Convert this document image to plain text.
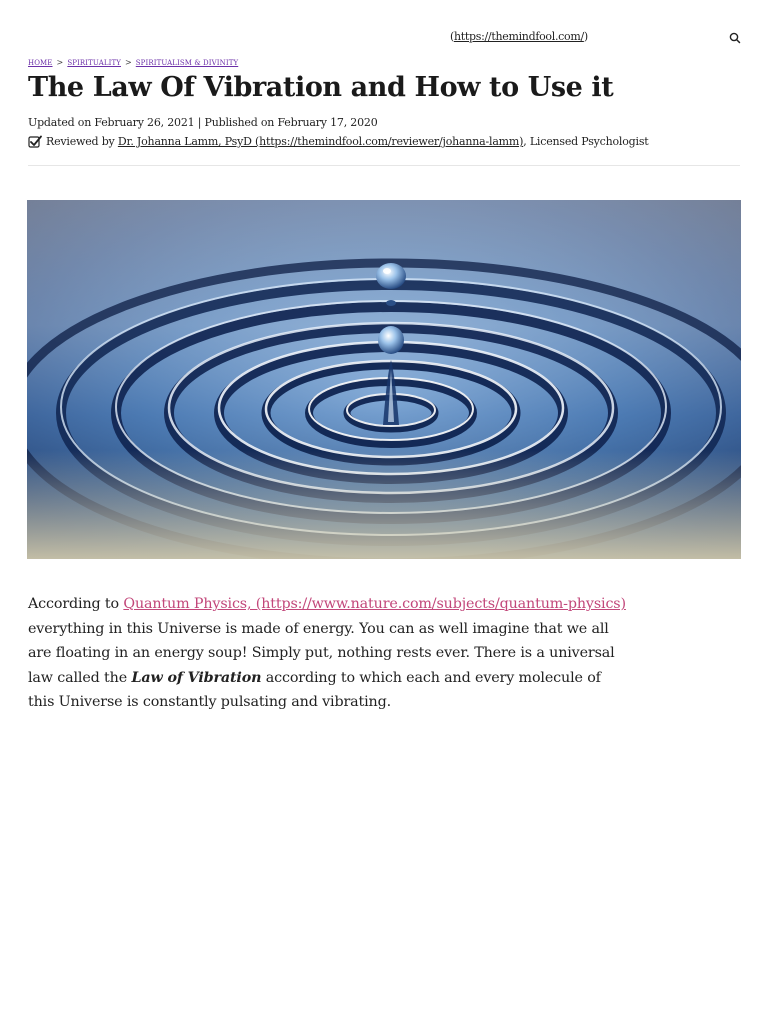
(https://themindfool.com/)
HOME > SPIRITUALITY > SPIRITUALISM & DIVINITY
The Law Of Vibration and How to Use it
Updated on February 26, 2021 | Published on February 17, 2020
Reviewed by
Dr. Johanna Lamm, PsyD (https://themindfool.com/reviewer/johanna-lamm) , Licensed Psychologist

According to Quantum Physics, (https://www.nature.com/subjects/quantum-physics)
everything in this Universe is made of energy. You can as well imagine that we all are floating in an energy soup! Simply put, nothing rests ever. There is a universal law called the Law of Vibration according to which each and every molecule of this Universe is constantly pulsating and vibrating.
